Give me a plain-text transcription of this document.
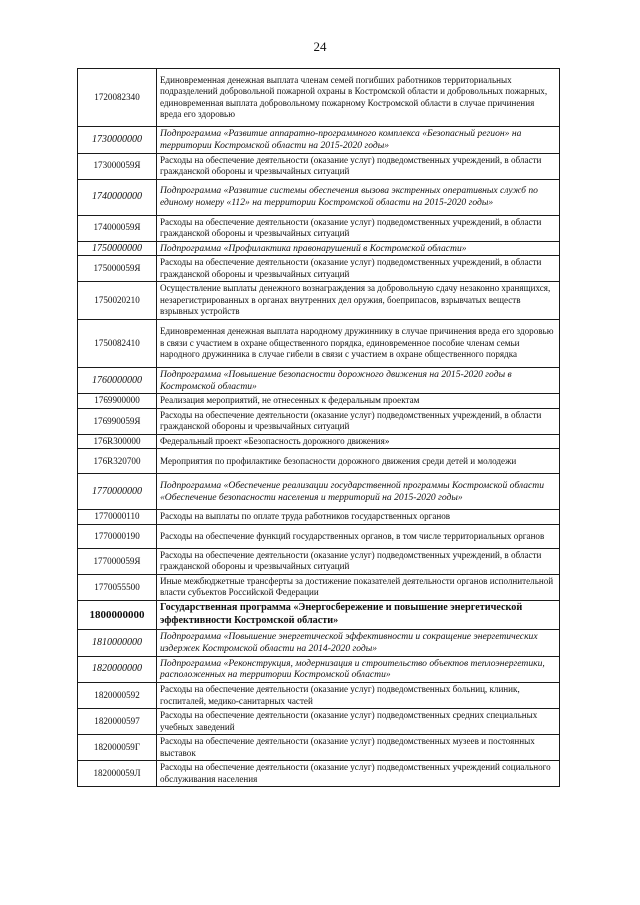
24
1720082340	Единовременная денежная выплата членам семей погибших работников территориальных подразделений добровольной пожарной охраны в Костромской области и добровольных пожарных, единовременная выплата добровольному пожарному Костромской области в случае причинения вреда его здоровью
1730000000	Подпрограмма «Развитие аппаратно-программного комплекса «Безопасный регион» на территории Костромской области на 2015-2020 годы»
173000059Я	Расходы на обеспечение деятельности (оказание услуг) подведомственных учреждений, в области гражданской обороны и чрезвычайных ситуаций
1740000000	Подпрограмма «Развитие системы обеспечения вызова экстренных оперативных служб по единому номеру «112» на территории Костромской области на 2015-2020 годы»
174000059Я	Расходы на обеспечение деятельности (оказание услуг) подведомственных учреждений, в области гражданской обороны и чрезвычайных ситуаций
1750000000	Подпрограмма «Профилактика правонарушений в Костромской области»
175000059Я	Расходы на обеспечение деятельности (оказание услуг) подведомственных учреждений, в области гражданской обороны и чрезвычайных ситуаций
1750020210	Осуществление выплаты денежного вознаграждения за добровольную сдачу незаконно хранящихся, незарегистрированных в органах внутренних дел оружия, боеприпасов, взрывчатых веществ взрывных устройств
1750082410	Единовременная денежная выплата народному дружиннику в случае причинения вреда его здоровью в связи с участием в охране общественного порядка, единовременное пособие членам семьи народного дружинника в случае гибели в связи с участием в охране общественного порядка
1760000000	Подпрограмма «Повышение безопасности дорожного движения на 2015-2020 годы в Костромской области»
1769900000	Реализация мероприятий, не отнесенных к федеральным проектам
176990059Я	Расходы на обеспечение деятельности (оказание услуг) подведомственных учреждений, в области гражданской обороны и чрезвычайных ситуаций
176R300000	Федеральный проект «Безопасность дорожного движения»
176R320700	Мероприятия по профилактике безопасности дорожного движения среди детей и молодежи
1770000000	Подпрограмма «Обеспечение реализации государственной программы Костромской области «Обеспечение безопасности населения и территорий на 2015-2020 годы»
1770000110	Расходы на выплаты по оплате труда работников государственных органов
1770000190	Расходы на обеспечение функций государственных органов, в том числе территориальных органов
177000059Я	Расходы на обеспечение деятельности (оказание услуг) подведомственных учреждений, в области гражданской обороны и чрезвычайных ситуаций
1770055500	Иные межбюджетные трансферты за достижение показателей деятельности органов исполнительной власти субъектов Российской Федерации
1800000000	Государственная программа «Энергосбережение и повышение энергетической эффективности Костромской области»
1810000000	Подпрограмма «Повышение энергетической эффективности и сокращение энергетических издержек Костромской области на 2014-2020 годы»
1820000000	Подпрограмма «Реконструкция, модернизация и строительство объектов теплоэнергетики, расположенных на территории Костромской области»
1820000592	Расходы на обеспечение деятельности (оказание услуг) подведомственных больниц, клиник, госпиталей, медико-санитарных частей
1820000597	Расходы на обеспечение деятельности (оказание услуг) подведомственных средних специальных учебных заведений
182000059Г	Расходы на обеспечение деятельности (оказание услуг) подведомственных музеев и постоянных выставок
182000059Л	Расходы на обеспечение деятельности (оказание услуг) подведомственных учреждений социального обслуживания населения
